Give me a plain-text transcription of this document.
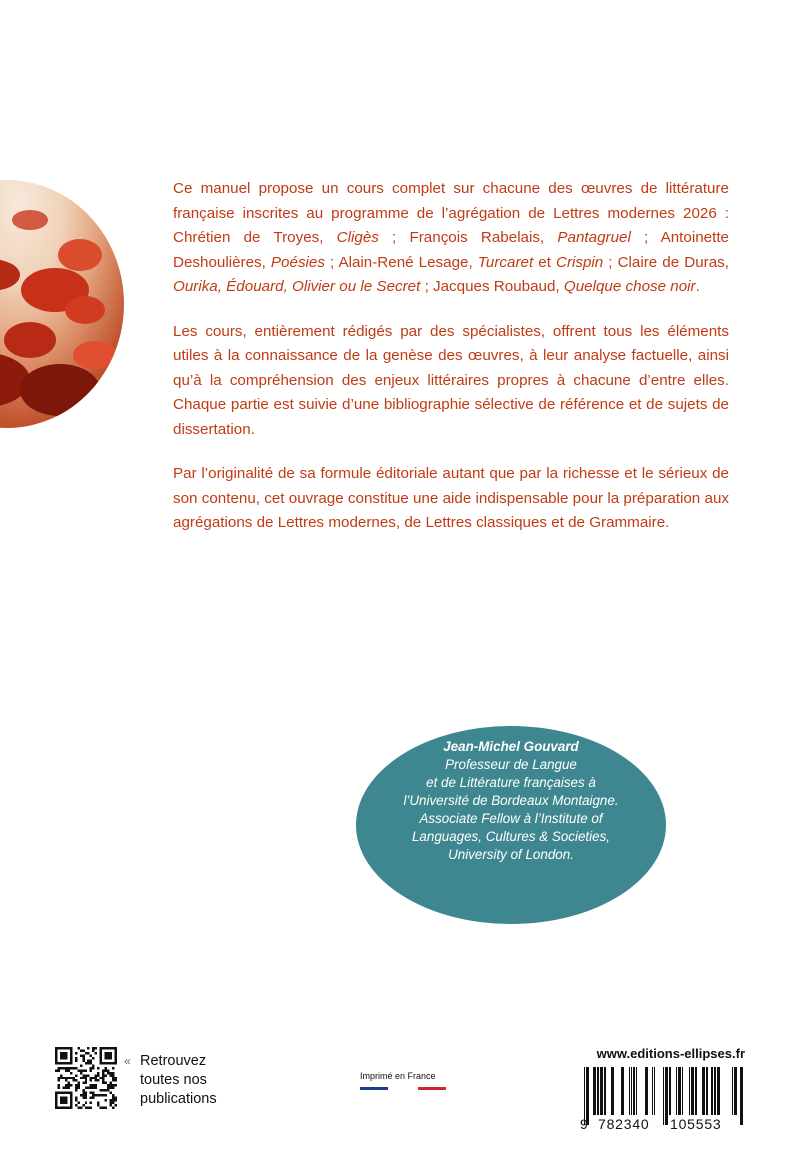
Ce manuel propose un cours complet sur chacune des œuvres de littérature française inscrites au programme de l’agrégation de Lettres modernes 2026 : Chrétien de Troyes, Cligès ; François Rabelais, Pantagruel ; Antoinette Deshoulières, Poésies ; Alain-René Lesage, Turcaret et Crispin ; Claire de Duras, Ourika, Édouard, Olivier ou le Secret ; Jacques Roubaud, Quelque chose noir.

Les cours, entièrement rédigés par des spécialistes, offrent tous les éléments utiles à la connaissance de la genèse des œuvres, à leur analyse factuelle, ainsi qu’à la compréhension des enjeux littéraires propres à chacune d’entre elles. Chaque partie est suivie d’une bibliographie sélective de référence et de sujets de dissertation.

Par l’originalité de sa formule éditoriale autant que par la richesse et le sérieux de son contenu, cet ouvrage constitue une aide indispensable pour la préparation aux agrégations de Lettres modernes, de Lettres classiques et de Grammaire.

Jean-Michel Gouvard
Professeur de Langue
et de Littérature françaises à
l’Université de Bordeaux Montaigne.
Associate Fellow à l’Institute of
Languages, Cultures & Societies,
University of London.
« Retrouvez
toutes nos
publications
Imprimé en France
www.editions-ellipses.fr
9 782340 105553
